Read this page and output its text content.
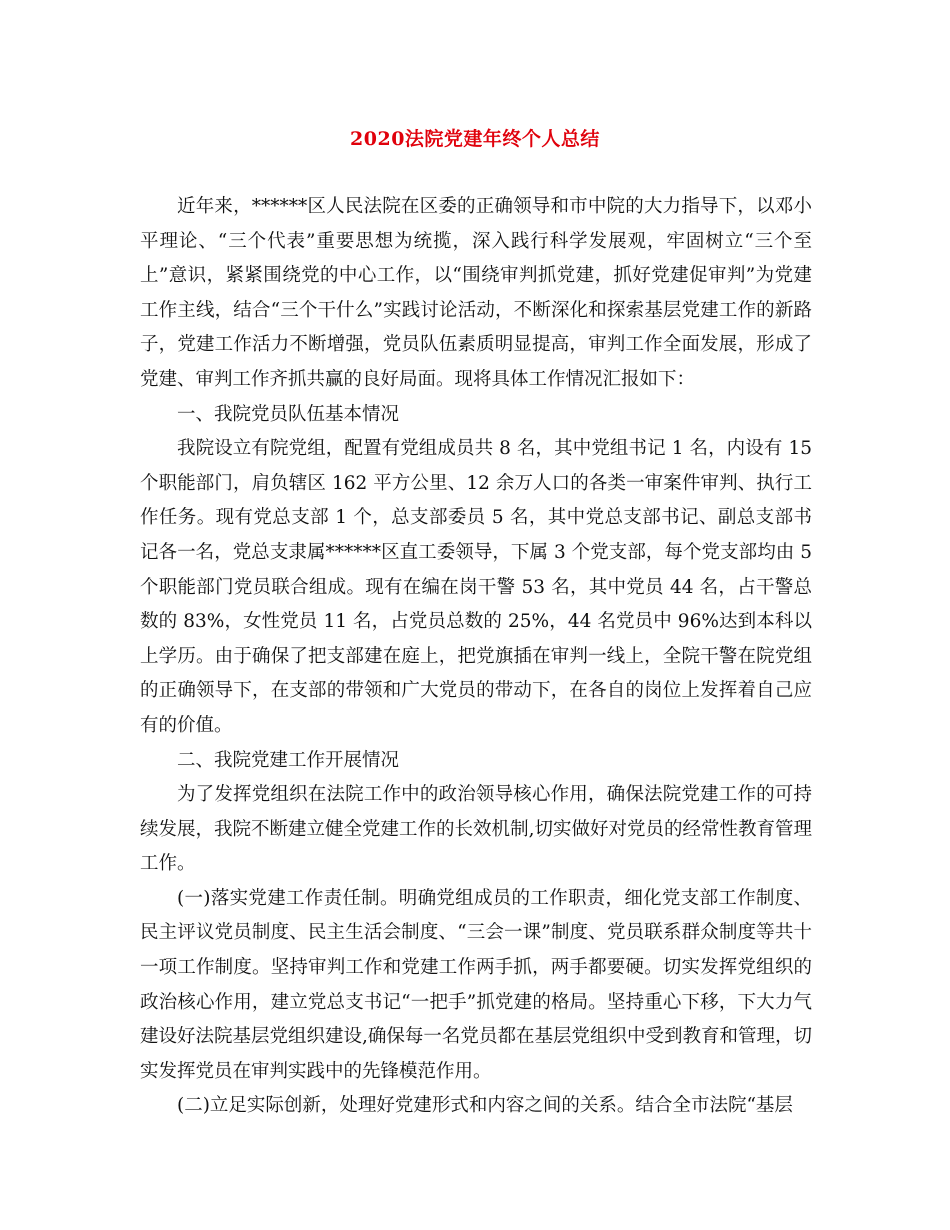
2020法院党建年终个人总结

近年来，******区人民法院在区委的正确领导和市中院的大力指导下，以邓小平理论、“三个代表”重要思想为统揽，深入践行科学发展观，牢固树立“三个至上”意识，紧紧围绕党的中心工作，以“围绕审判抓党建，抓好党建促审判”为党建工作主线，结合“三个干什么”实践讨论活动，不断深化和探索基层党建工作的新路子，党建工作活力不断增强，党员队伍素质明显提高，审判工作全面发展，形成了党建、审判工作齐抓共赢的良好局面。现将具体工作情况汇报如下：

一、我院党员队伍基本情况

我院设立有院党组，配置有党组成员共 8 名，其中党组书记 1 名，内设有 15 个职能部门，肩负辖区 162 平方公里、12 余万人口的各类一审案件审判、执行工作任务。现有党总支部 1 个，总支部委员 5 名，其中党总支部书记、副总支部书记各一名，党总支隶属******区直工委领导，下属 3 个党支部，每个党支部均由 5 个职能部门党员联合组成。现有在编在岗干警 53 名，其中党员 44 名，占干警总数的 83%，女性党员 11 名，占党员总数的 25%，44 名党员中 96%达到本科以上学历。由于确保了把支部建在庭上，把党旗插在审判一线上，全院干警在院党组的正确领导下，在支部的带领和广大党员的带动下，在各自的岗位上发挥着自己应有的价值。

二、我院党建工作开展情况

为了发挥党组织在法院工作中的政治领导核心作用，确保法院党建工作的可持续发展，我院不断建立健全党建工作的长效机制,切实做好对党员的经常性教育管理工作。

(一)落实党建工作责任制。明确党组成员的工作职责，细化党支部工作制度、民主评议党员制度、民主生活会制度、“三会一课”制度、党员联系群众制度等共十一项工作制度。坚持审判工作和党建工作两手抓，两手都要硬。切实发挥党组织的政治核心作用，建立党总支书记“一把手”抓党建的格局。坚持重心下移，下大力气建设好法院基层党组织建设,确保每一名党员都在基层党组织中受到教育和管理，切实发挥党员在审判实践中的先锋模范作用。

(二)立足实际创新，处理好党建形式和内容之间的关系。结合全市法院“基层
